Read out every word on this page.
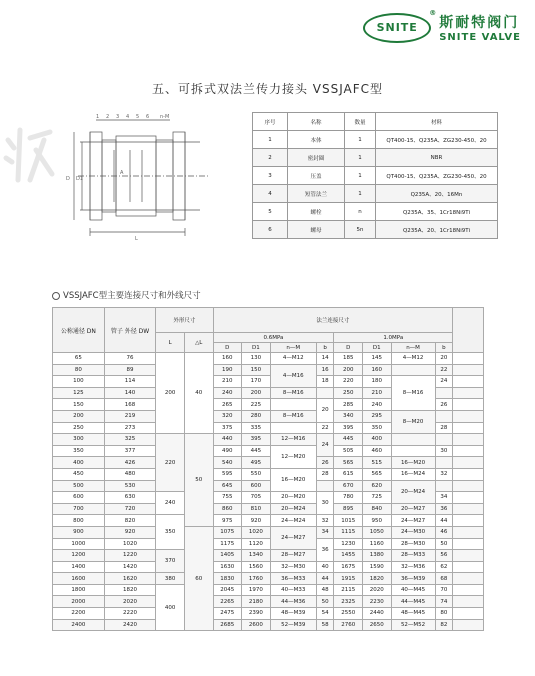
SNITE
®
斯耐特阀门
SNITE VALVE
五、可拆式双法兰传力接头 VSSJAFC型
1 2 3 4 5 6 n-M
A
D1
D
L
序号	名称	数量	材料
1	本体	1	QT400-15、Q235A、ZG230-450、20
2	密封圈	1	NBR
3	压盖	1	QT400-15、Q235A、ZG230-450、20
4	短管法兰	1	Q235A、20、16Mn
5	螺栓	n	Q235A、35、1Cr18Ni9Ti
6	螺母	5n	Q235A、20、1Cr18Ni9Ti
VSSJAFC型主要连接尺寸和外线尺寸
公称通径 DN	管子 外径 DW	外形尺寸		法兰连接尺寸								
		L	△L	0.6MPa				1.0MPa				
				D	D1	n—M	b	D	D1	n—M	b	
65	76	200	40	160	130	4—M12	14	185	145	4—M12	20	
80	89			190	150	4—M16	16	200	160		22	
100	114			210	170		18	220	180	8—M16	24	
125	140			240	200	8—M16		250	210			
150	168			265	225		20	285	240		26	
200	219			320	280	8—M16		340	295	8—M20		
250	273			375	335		22	395	350		28	
300	325	220	50	440	395	12—M16	24	445	400			
350	377			490	445	12—M20		505	460		30	
400	426			540	495		26	565	515	16—M20		
450	480			595	550	16—M20	28	615	565	16—M24	32	
500	530			645	600			670	620	20—M24		
600	630	240		755	705	20—M20	30	780	725		34	
700	720			860	810	20—M24		895	840	20—M27	36	
800	820	350		975	920	24—M24	32	1015	950	24—M27	44	
900	920		60	1075	1020	24—M27	34	1115	1050	24—M30	46	
1000	1020			1175	1120		36	1230	1160	28—M30	50	
1200	1220	370		1405	1340	28—M27		1455	1380	28—M33	56	
1400	1420			1630	1560	32—M30	40	1675	1590	32—M36	62	
1600	1620	380		1830	1760	36—M33	44	1915	1820	36—M39	68	
1800	1820	400		2045	1970	40—M33	48	2115	2020	40—M45	70	
2000	2020			2265	2180	44—M36	50	2325	2230	44—M45	74	
2200	2220			2475	2390	48—M39	54	2550	2440	48—M45	80	
2400	2420			2685	2600	52—M39	58	2760	2650	52—M52	82	
